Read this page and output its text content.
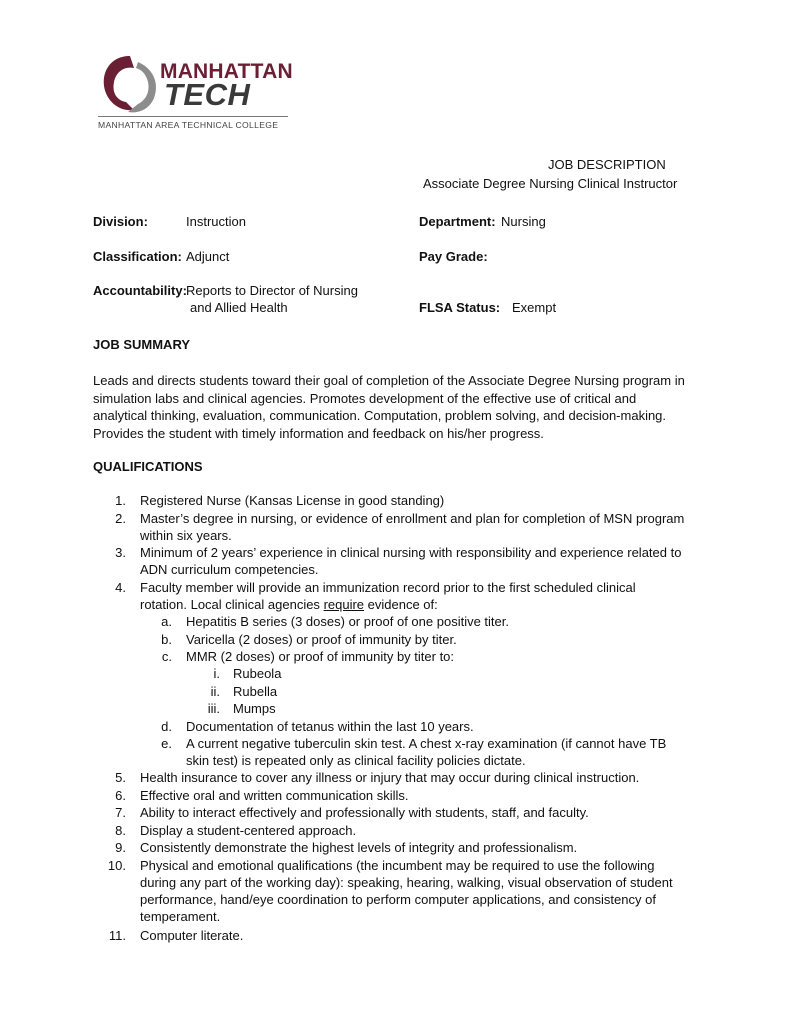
MANHATTAN
TECH
MANHATTAN AREA TECHNICAL COLLEGE
JOB DESCRIPTION
Associate Degree Nursing Clinical Instructor
Division:	Instruction	Department: Nursing
Classification: Adjunct	Pay Grade:
Accountability: Reports to Director of Nursing
and Allied Health	FLSA Status: Exempt
JOB SUMMARY
Leads and directs students toward their goal of completion of the Associate Degree Nursing program in
simulation labs and clinical agencies. Promotes development of the effective use of critical and
analytical thinking, evaluation, communication. Computation, problem solving, and decision-making.
Provides the student with timely information and feedback on his/her progress.
QUALIFICATIONS
1. Registered Nurse (Kansas License in good standing)
2. Master’s degree in nursing, or evidence of enrollment and plan for completion of MSN program
within six years.
3. Minimum of 2 years’ experience in clinical nursing with responsibility and experience related to
ADN curriculum competencies.
4. Faculty member will provide an immunization record prior to the first scheduled clinical
rotation. Local clinical agencies require evidence of:
a. Hepatitis B series (3 doses) or proof of one positive titer.
b. Varicella (2 doses) or proof of immunity by titer.
c. MMR (2 doses) or proof of immunity by titer to:
i. Rubeola
ii. Rubella
iii. Mumps
d. Documentation of tetanus within the last 10 years.
e. A current negative tuberculin skin test. A chest x-ray examination (if cannot have TB
skin test) is repeated only as clinical facility policies dictate.
5. Health insurance to cover any illness or injury that may occur during clinical instruction.
6. Effective oral and written communication skills.
7. Ability to interact effectively and professionally with students, staff, and faculty.
8. Display a student-centered approach.
9. Consistently demonstrate the highest levels of integrity and professionalism.
10. Physical and emotional qualifications (the incumbent may be required to use the following
during any part of the working day): speaking, hearing, walking, visual observation of student
performance, hand/eye coordination to perform computer applications, and consistency of
temperament.
11. Computer literate.
